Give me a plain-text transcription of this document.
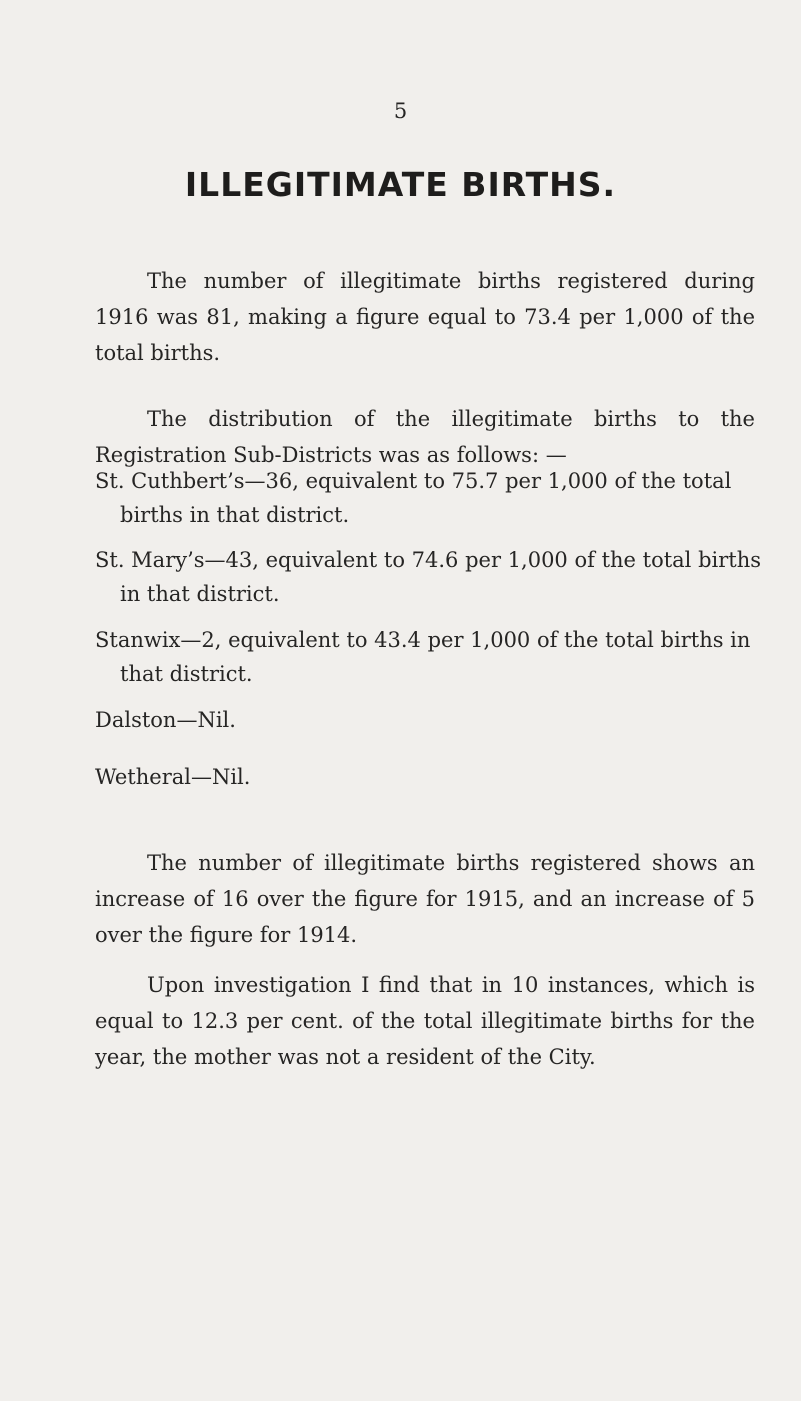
5
ILLEGITIMATE BIRTHS.

The number of illegitimate births registered during 1916 was 81, making a figure equal to 73.4 per 1,000 of the total births.

The distribution of the illegitimate births to the Registration Sub-Districts was as follows: —

St. Cuthbert’s—36, equivalent to 75.7 per 1,000 of the total births in that district.
St. Mary’s—43, equivalent to 74.6 per 1,000 of the total births in that district.
Stanwix—2, equivalent to 43.4 per 1,000 of the total births in that district.
Dalston—Nil.
Wetheral—Nil.

The number of illegitimate births registered shows an increase of 16 over the figure for 1915, and an increase of 5 over the figure for 1914.

Upon investigation I find that in 10 instances, which is equal to 12.3 per cent. of the total illegitimate births for the year, the mother was not a resident of the City.
